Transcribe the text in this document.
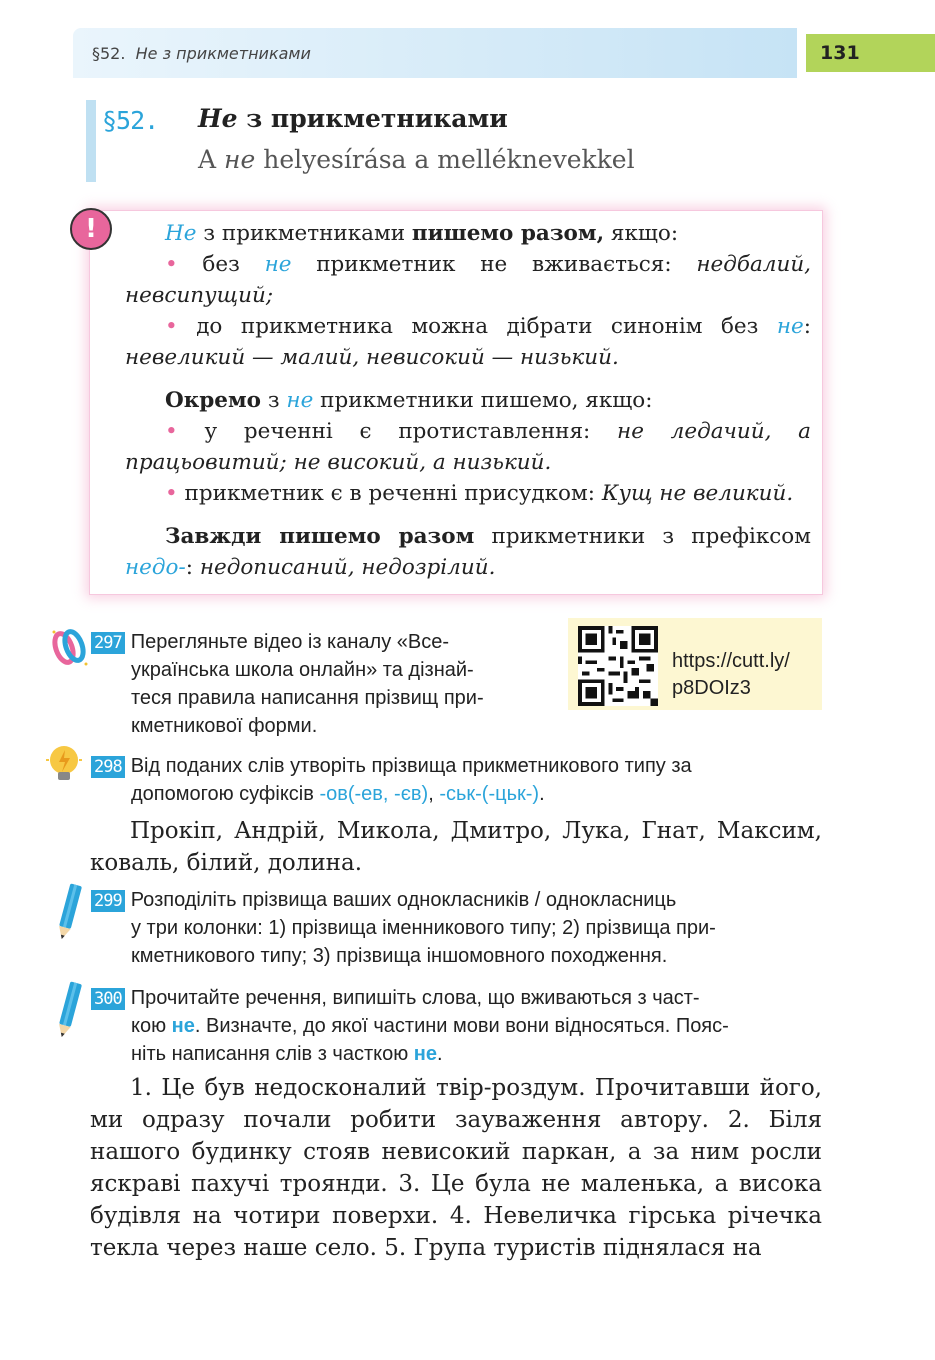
§52. Не з прикметниками	131
§52. Не з прикметниками
A не helyesírása a melléknevekkel
!	Не з прикметниками пишемо разом, якщо:

• без не прикметник не вживається: недбалий, невсипущий;

• до прикметника можна дібрати синонім без не: невеликий — малий, невисокий — низький.

Окремо з не прикметники пишемо, якщо:

• у реченні є протиставлення: не ледачий, а працьовитий; не високий, а низький.

• прикметник є в реченні присудком: Кущ не великий.

Завжди пишемо разом прикметники з префіксом недо-: недописаний, недозрілий.

297 Перегляньте відео із каналу «Все-
українська школа онлайн» та дізнай-
теся правила написання прізвищ при-
кметникової форми.
https://cutt.ly/
p8DOIz3
298 Від поданих слів утворіть прізвища прикметникового типу за
допомогою суфіксів -ов(-ев, -єв), -ськ-(-цьк-).
Прокіп, Андрій, Микола, Дмитро, Лука, Гнат, Максим, коваль, білий, долина.
299 Розподіліть прізвища ваших однокласників / однокласниць
у три колонки: 1) прізвища іменникового типу; 2) прізвища при-
кметникового типу; 3) прізвища іншомовного походження.
300 Прочитайте речення, випишіть слова, що вживаються з част-
кою не. Визначте, до якої частини мови вони відносяться. Пояс-
ніть написання слів з часткою не.
1. Це був недосконалий твір-роздум. Прочитавши його, ми одразу почали робити зауваження автору. 2. Біля нашого будинку стояв невисокий паркан, а за ним росли яскраві пахучі троянди. 3. Це була не маленька, а висока будівля на чотири поверхи. 4. Невеличка гірська річечка текла через наше село. 5. Група туристів піднялася на
